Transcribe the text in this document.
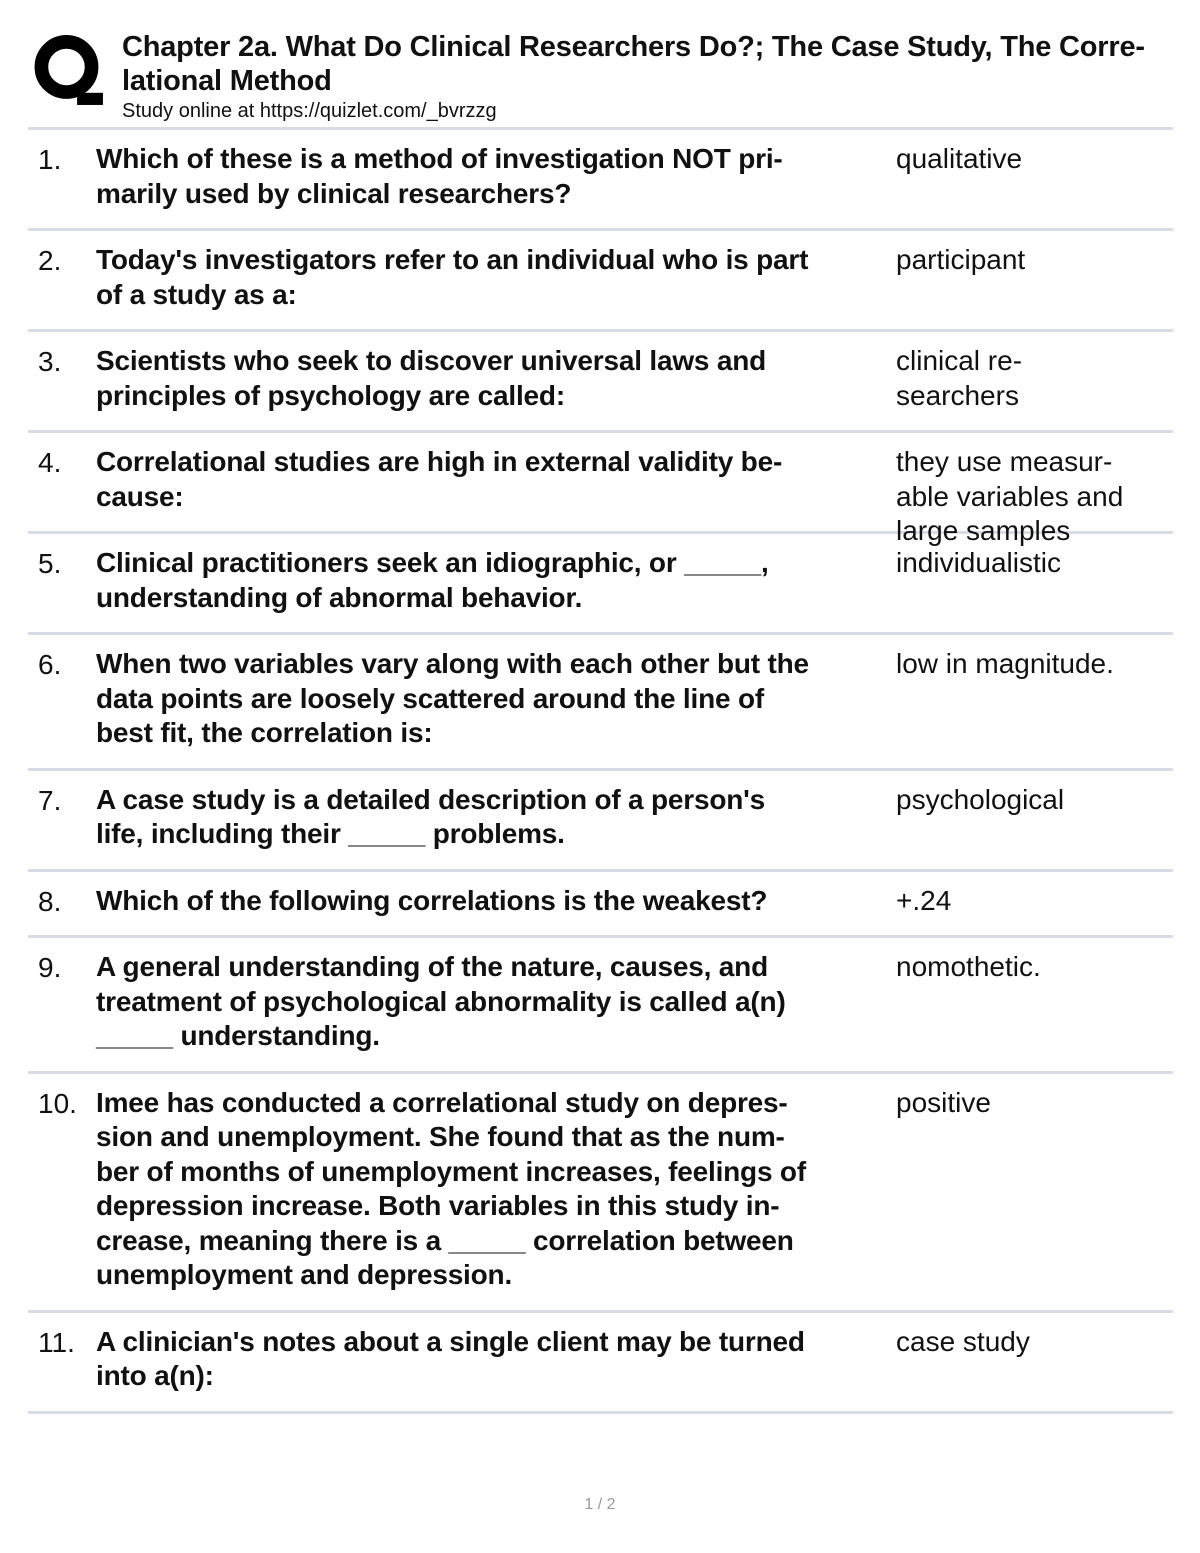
Chapter 2a. What Do Clinical Researchers Do?; The Case Study, The Corre-
lational Method
Study online at https://quizlet.com/_bvrzzg
1. Which of these is a method of investigation NOT pri-
marily used by clinical researchers?
qualitative
2. Today's investigators refer to an individual who is part
of a study as a:
participant
3. Scientists who seek to discover universal laws and
principles of psychology are called:
clinical re-
searchers
4. Correlational studies are high in external validity be-
cause:
they use measur-
able variables and
large samples
5. Clinical practitioners seek an idiographic, or _____,
understanding of abnormal behavior.
individualistic
6. When two variables vary along with each other but the
data points are loosely scattered around the line of
best fit, the correlation is:
low in magnitude.
7. A case study is a detailed description of a person's
life, including their _____ problems.
psychological
8. Which of the following correlations is the weakest?	+.24
9. A general understanding of the nature, causes, and
treatment of psychological abnormality is called a(n)
_____ understanding.
nomothetic.
10. Imee has conducted a correlational study on depres-
sion and unemployment. She found that as the num-
ber of months of unemployment increases, feelings of
depression increase. Both variables in this study in-
crease, meaning there is a _____ correlation between
unemployment and depression.
positive
11. A clinician's notes about a single client may be turned
into a(n):
case study
1 / 2
